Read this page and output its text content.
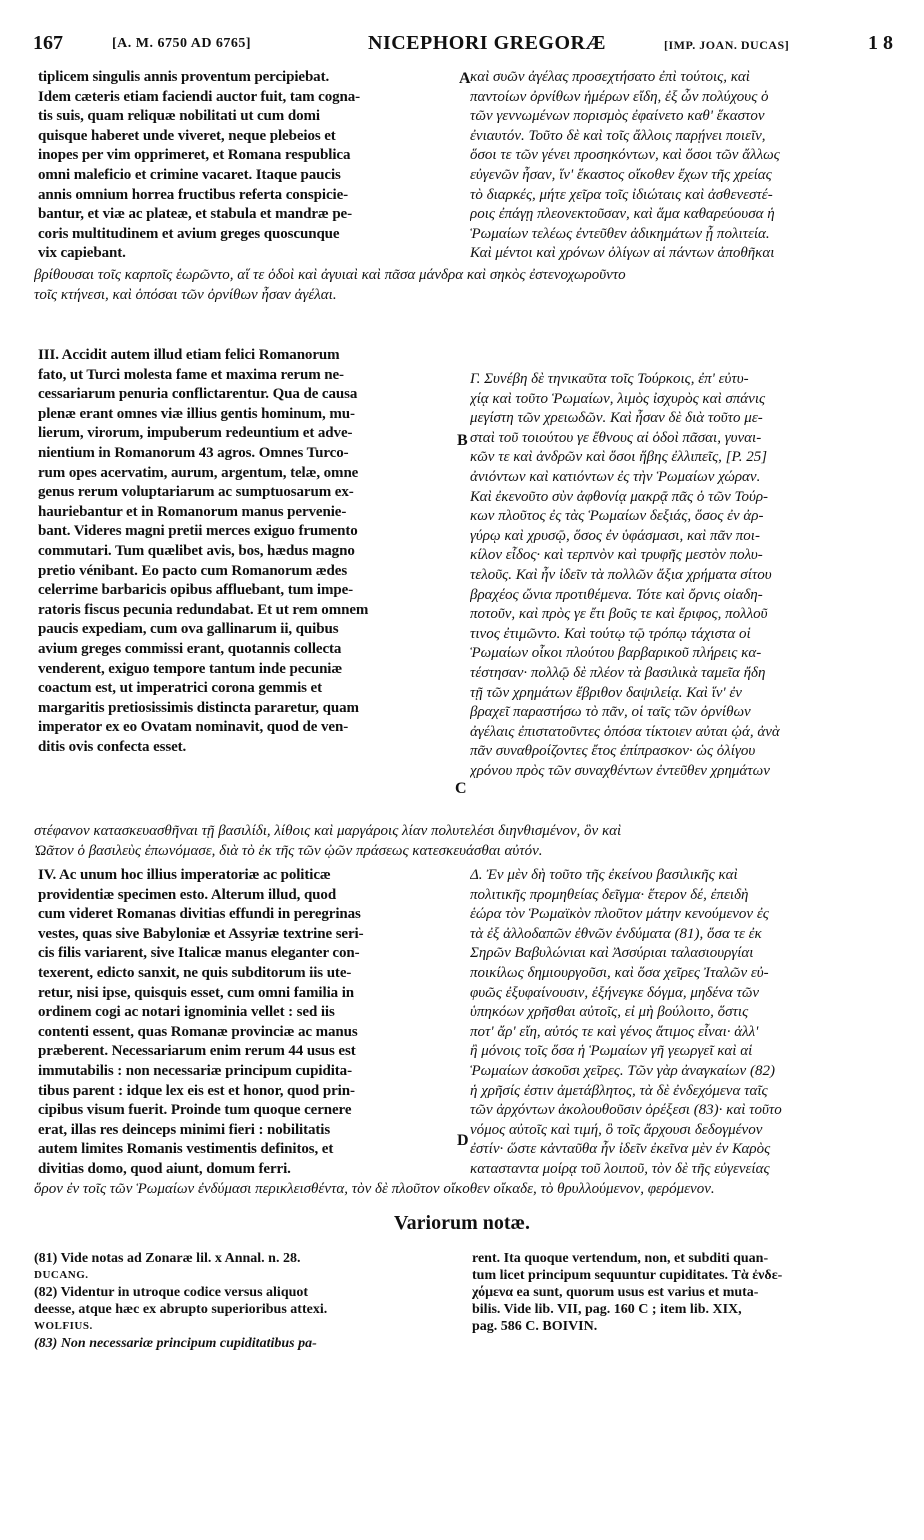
167	[A. M. 6750 AD 6765]	NICEPHORI GREGORÆ	[IMP. JOAN. DUCAS]	1 8
A
B
C
D
tiplicem singulis annis proventum percipiebat.
Idem cæteris etiam faciendi auctor fuit, tam cogna-
tis suis, quam reliquæ nobilitati ut cum domi
quisque haberet unde viveret, neque plebeios et
inopes per vim opprimeret, et Romana respublica
omni maleficio et crimine vacaret. Itaque paucis
annis omnium horrea fructibus referta conspicie-
bantur, et viæ ac plateæ, et stabula et mandræ pe-
coris multitudinem et avium greges quoscunque
vix capiebant.
καὶ συῶν ἀγέλας προσεχτήσατο ἐπὶ τούτοις, καὶ
παντοίων ὀρνίθων ἡμέρων εἴδη, ἐξ ὧν πολύχους ὁ
τῶν γεννωμένων πορισμὸς ἐφαίνετο καθ' ἕκαστον
ἐνιαυτόν. Τοῦτο δὲ καὶ τοῖς ἄλλοις παρῄνει ποιεῖν,
ὅσοι τε τῶν γένει προσηκόντων, καὶ ὅσοι τῶν ἄλλως
εὐγενῶν ἦσαν, ἵν' ἕκαστος οἴκοθεν ἔχων τῆς χρείας
τὸ διαρκές, μήτε χεῖρα τοῖς ἰδιώταις καὶ ἀσθενεστέ-
ροις ἐπάγῃ πλεονεκτοῦσαν, καὶ ἅμα καθαρεύουσα ἡ
Ῥωμαίων τελέως ἐντεῦθεν ἀδικημάτων ᾖ πολιτεία.
Καὶ μέντοι καὶ χρόνων ὀλίγων αἱ πάντων ἀποθῆκαι
βρίθουσαι τοῖς καρποῖς ἑωρῶντο, αἵ τε ὁδοὶ καὶ ἀγυιαὶ καὶ πᾶσα μάνδρα καὶ σηκὸς ἐστενοχωροῦντο
τοῖς κτήνεσι, καὶ ὁπόσαι τῶν ὀρνίθων ἦσαν ἀγέλαι.
III. Accidit autem illud etiam felici Romanorum
fato, ut Turci molesta fame et maxima rerum ne-
cessariarum penuria conflictarentur. Qua de causa
plenæ erant omnes viæ illius gentis hominum, mu-
lierum, virorum, impuberum redeuntium et adve-
nientium in Romanorum 43 agros. Omnes Turco-
rum opes acervatim, aurum, argentum, telæ, omne
genus rerum voluptariarum ac sumptuosarum ex-
hauriebantur et in Romanorum manus perveniе-
bant. Videres magni pretii merces exiguo frumento
commutari. Tum quælibet avis, bos, hædus magno
pretio vénibant. Eo pacto cum Romanorum ædes
celerrime barbaricis opibus affluebant, tum impe-
ratoris fiscus pecunia redundabat. Et ut rem omnem
paucis expediam, cum ova gallinarum ii, quibus
avium greges commissi erant, quotannis collecta
venderent, exiguo tempore tantum inde pecuniæ
coactum est, ut imperatrici corona gemmis et
margaritis pretiosissimis distincta pararetur, quam
imperator ex eo Ovatam nominavit, quod de ven-
ditis ovis confecta esset.
Γ. Συνέβη δὲ τηνικαῦτα τοῖς Τούρκοις, ἐπ' εὐτυ-
χίᾳ καὶ τοῦτο Ῥωμαίων, λιμὸς ἰσχυρὸς καὶ σπάνις
μεγίστη τῶν χρειωδῶν. Καὶ ἦσαν δὲ διὰ τοῦτο με-
σταὶ τοῦ τοιούτου γε ἔθνους αἱ ὁδοὶ πᾶσαι, γυναι-
κῶν τε καὶ ἀνδρῶν καὶ ὅσοι ἥβης ἐλλιπεῖς, [P. 25]
ἀνιόντων καὶ κατιόντων ἐς τὴν Ῥωμαίων χώραν.
Καὶ ἐκενοῦτο σὺν ἀφθονίᾳ μακρᾷ πᾶς ὁ τῶν Τούρ-
κων πλοῦτος ἐς τὰς Ῥωμαίων δεξιάς, ὅσος ἐν ἀρ-
γύρῳ καὶ χρυσῷ, ὅσος ἐν ὑφάσμασι, καὶ πᾶν ποι-
κίλον εἶδος· καὶ τερπνὸν καὶ τρυφῆς μεστὸν πολυ-
τελοῦς. Καὶ ἦν ἰδεῖν τὰ πολλῶν ἄξια χρήματα σίτου
βραχέος ὤνια προτιθέμενα. Τότε καὶ ὄρνις οἰαδη-
ποτοῦν, καὶ πρὸς γε ἔτι βοῦς τε καὶ ἔριφος, πολλοῦ
τινος ἐτιμῶντο. Καὶ τούτῳ τῷ τρόπῳ τάχιστα οἱ
Ῥωμαίων οἶκοι πλούτου βαρβαρικοῦ πλήρεις κα-
τέστησαν· πολλῷ δὲ πλέον τὰ βασιλικὰ ταμεῖα ἤδη
τῇ τῶν χρημάτων ἔβριθον δαψιλείᾳ. Καὶ ἵν' ἐν
βραχεῖ παραστήσω τὸ πᾶν, οἱ ταῖς τῶν ὀρνίθων
ἀγέλαις ἐπιστατοῦντες ὁπόσα τίκτοιεν αὐται ᾠά, ἀνὰ
πᾶν συναθροίζοντες ἔτος ἐπίπρασκον· ὡς ὀλίγου
χρόνου πρὸς τῶν συναχθέντων ἐντεῦθεν χρημάτων
στέφανον κατασκευασθῆναι τῇ βασιλίδι, λίθοις καὶ μαργάροις λίαν πολυτελέσι διηνθισμένον, ὃν καὶ
Ὠᾶτον ὁ βασιλεὺς ἐπωνόμασε, διὰ τὸ ἐκ τῆς τῶν ᾠῶν πράσεως κατεσκευάσθαι αὐτόν.
IV. Ac unum hoc illius imperatoriæ ac politicæ
providentiæ specimen esto. Alterum illud, quod
cum videret Romanas divitias effundi in peregrinas
vestes, quas sive Babyloniæ et Assyriæ textrine seri-
cis filis variarent, sive Italicæ manus eleganter con-
texerent, edicto sanxit, ne quis subditorum iis ute-
retur, nisi ipse, quisquis esset, cum omni familia in
ordinem cogi ac notari ignominia vellet : sed iis
contenti essent, quas Romanæ provinciæ ac manus
præberent. Necessariarum enim rerum 44 usus est
immutabilis : non necessariæ principum cupidita-
tibus parent : idque lex eis est et honor, quod prin-
cipibus visum fuerit. Proinde tum quoque cernere
erat, illas res deinceps minimi fieri : nobilitatis
autem limites Romanis vestimentis definitos, et
divitias domo, quod aiunt, domum ferri.
Δ. Ἐν μὲν δὴ τοῦτο τῆς ἐκείνου βασιλικῆς καὶ
πολιτικῆς προμηθείας δεῖγμα· ἕτερον δέ, ἐπειδὴ
ἑώρα τὸν Ῥωμαϊκὸν πλοῦτον μάτην κενούμενον ἐς
τὰ ἐξ ἀλλοδαπῶν ἐθνῶν ἐνδύματα (81), ὅσα τε ἐκ
Σηρῶν Βαβυλώνιαι καὶ Ἀσσύριαι ταλασιουργίαι
ποικίλως δημιουργοῦσι, καὶ ὅσα χεῖρες Ἰταλῶν εὐ-
φυῶς ἐξυφαίνουσιν, ἐξήνεγκε δόγμα, μηδένα τῶν
ὑπηκόων χρῆσθαι αὐτοῖς, εἰ μὴ βούλοιτο, ὅστις
ποτ' ἄρ' εἴη, αὐτός τε καὶ γένος ἄτιμος εἶναι· ἀλλ'
ἢ μόνοις τοῖς ὅσα ἡ Ῥωμαίων γῆ γεωργεῖ καὶ αἱ
Ῥωμαίων ἀσκοῦσι χεῖρες. Τῶν γὰρ ἀναγκαίων (82)
ἡ χρῆσίς ἐστιν ἀμετάβλητος, τὰ δὲ ἐνδεχόμενα ταῖς
τῶν ἀρχόντων ἀκολουθοῦσιν ὀρέξεσι (83)· καὶ τοῦτο
νόμος αὐτοῖς καὶ τιμή, ὃ τοῖς ἄρχουσι δεδογμένον
ἐστίν· ὥστε κἀνταῦθα ἦν ἰδεῖν ἐκεῖνα μὲν ἐν Καρὸς
κατασταντα μοίρᾳ τοῦ λοιποῦ, τὸν δὲ τῆς εὐγενείας
ὅρον ἐν τοῖς τῶν Ῥωμαίων ἐνδύμασι περικλεισθέντα, τὸν δὲ πλοῦτον οἴκοθεν οἴκαδε, τὸ θρυλλούμενον, φερόμενον.
Variorum notæ.
(81) Vide notas ad Zonaræ lil. x Annal. n. 28.
DUCANG.
(82) Videntur in utroque codice versus aliquot
deesse, atque hæc ex abrupto superioribus attexi.
WOLFIUS.
(83) Non necessariæ principum cupiditatibus pa-
rent. Ita quoque vertendum, non, et subditi quan-
tum licet principum sequuntur cupiditates. Τὰ ἐνδε-
χόμενα ea sunt, quorum usus est varius et muta-
bilis. Vide lib. VII, pag. 160 C ; item lib. XIX,
pag. 586 C. BOIVIN.
